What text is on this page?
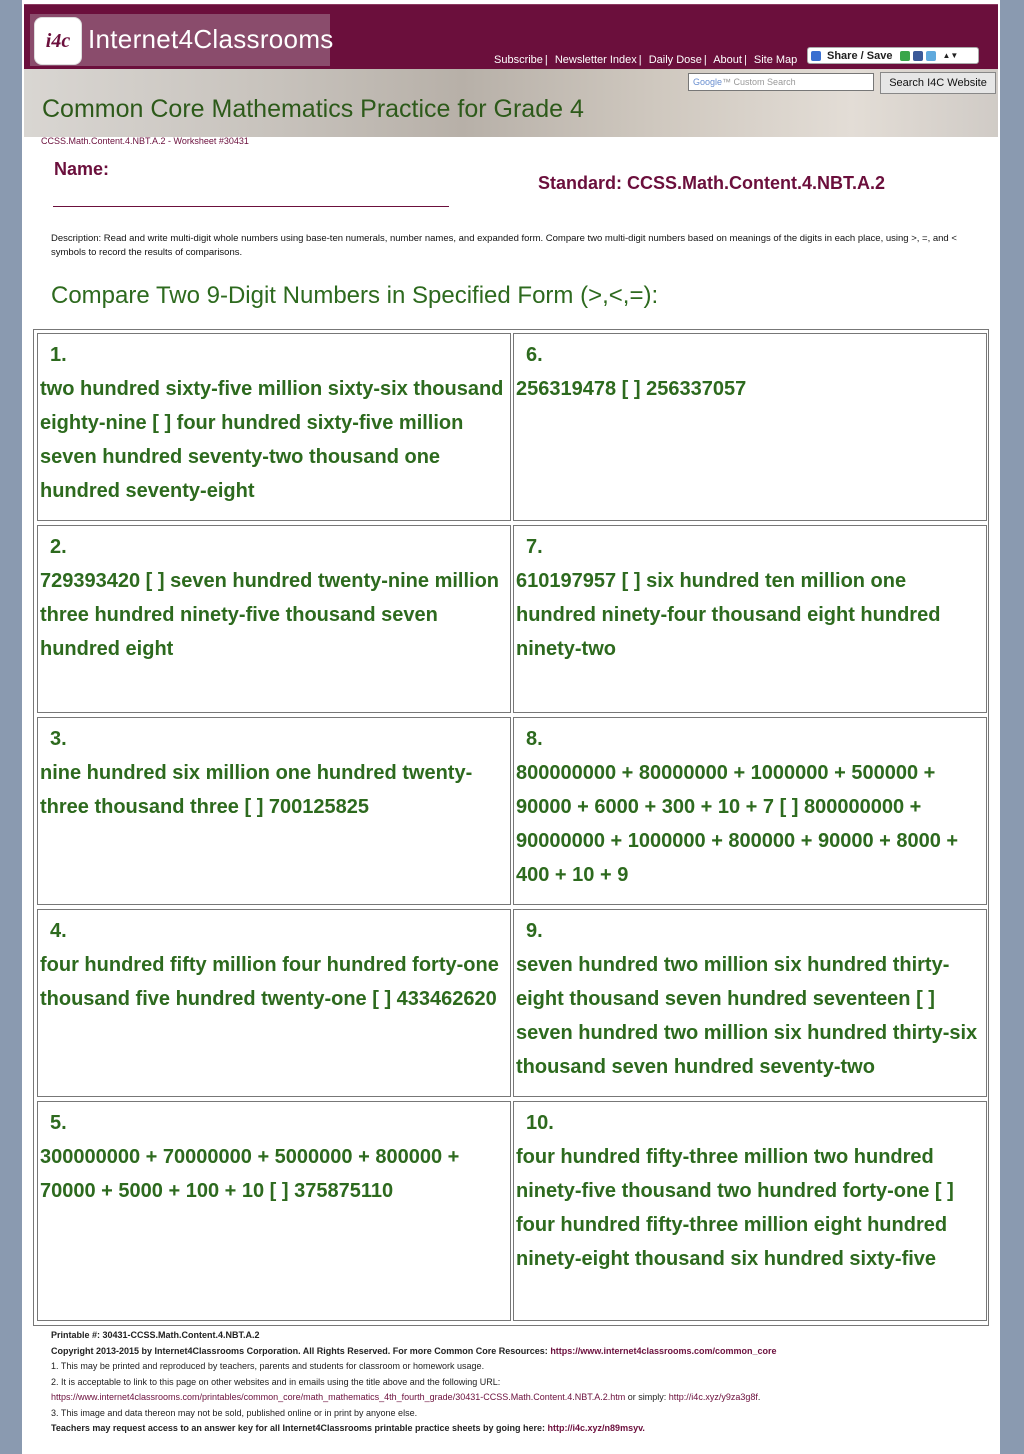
i4c Internet4Classrooms
Subscribe | Newsletter Index | Daily Dose | About | Site Map	Share / Save	▲▼
Google™ Custom Search	Search I4C Website
Common Core Mathematics Practice for Grade 4
CCSS.Math.Content.4.NBT.A.2 - Worksheet #30431
Name:
Standard: CCSS.Math.Content.4.NBT.A.2
Description: Read and write multi-digit whole numbers using base-ten numerals, number names, and expanded form. Compare two multi-digit numbers based on meanings of the digits in each place, using >, =, and < symbols to record the results of comparisons.
Compare Two 9-Digit Numbers in Specified Form (>,<,=):
1.
two hundred sixty-five million sixty-six thousand eighty-nine [ ] four hundred sixty-five million seven hundred seventy-two thousand one hundred seventy-eight
2.
729393420 [ ] seven hundred twenty-nine million three hundred ninety-five thousand seven hundred eight
3.
nine hundred six million one hundred twenty-three thousand three [ ] 700125825
4.
four hundred fifty million four hundred forty-one thousand five hundred twenty-one [ ] 433462620
5.
300000000 + 70000000 + 5000000 + 800000 + 70000 + 5000 + 100 + 10 [ ] 375875110
6.
256319478 [ ] 256337057
7.
610197957 [ ] six hundred ten million one hundred ninety-four thousand eight hundred ninety-two
8.
800000000 + 80000000 + 1000000 + 500000 + 90000 + 6000 + 300 + 10 + 7 [ ] 800000000 + 90000000 + 1000000 + 800000 + 90000 + 8000 + 400 + 10 + 9
9.
seven hundred two million six hundred thirty-eight thousand seven hundred seventeen [ ] seven hundred two million six hundred thirty-six thousand seven hundred seventy-two
10.
four hundred fifty-three million two hundred ninety-five thousand two hundred forty-one [ ] four hundred fifty-three million eight hundred ninety-eight thousand six hundred sixty-five
Printable #: 30431-CCSS.Math.Content.4.NBT.A.2
Copyright 2013-2015 by Internet4Classrooms Corporation. All Rights Reserved. For more Common Core Resources: https://www.internet4classrooms.com/common_core
1. This may be printed and reproduced by teachers, parents and students for classroom or homework usage.
2. It is acceptable to link to this page on other websites and in emails using the title above and the following URL:
https://www.internet4classrooms.com/printables/common_core/math_mathematics_4th_fourth_grade/30431-CCSS.Math.Content.4.NBT.A.2.htm or simply: http://i4c.xyz/y9za3g8f.
3. This image and data thereon may not be sold, published online or in print by anyone else.
Teachers may request access to an answer key for all Internet4Classrooms printable practice sheets by going here: http://i4c.xyz/n89msyv.
